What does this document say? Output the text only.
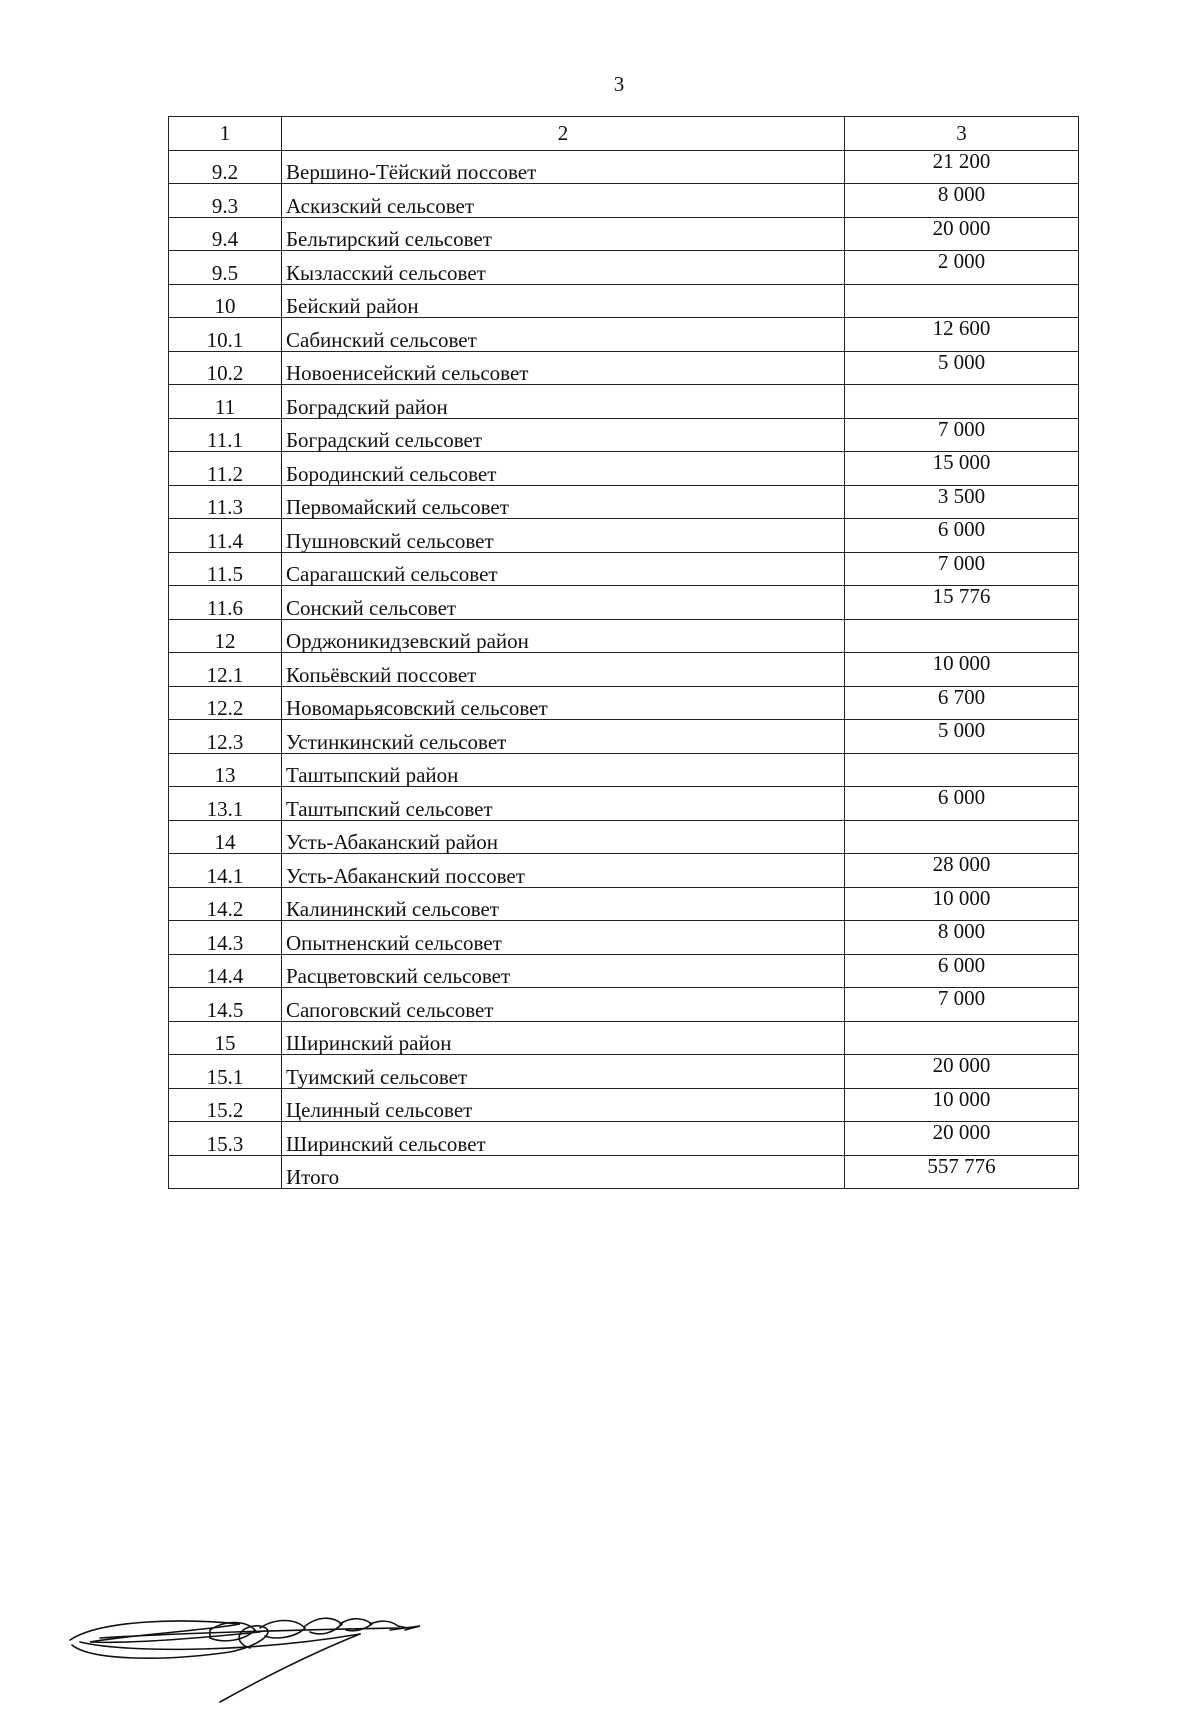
3
1	2	3
9.2	Вершино-Тёйский поссовет	21 200
9.3	Аскизский сельсовет	8 000
9.4	Бельтирский сельсовет	20 000
9.5	Кызласский сельсовет	2 000
10	Бейский район	
10.1	Сабинский сельсовет	12 600
10.2	Новоенисейский сельсовет	5 000
11	Боградский район	
11.1	Боградский сельсовет	7 000
11.2	Бородинский сельсовет	15 000
11.3	Первомайский сельсовет	3 500
11.4	Пушновский сельсовет	6 000
11.5	Сарагашский сельсовет	7 000
11.6	Сонский сельсовет	15 776
12	Орджоникидзевский район	
12.1	Копьёвский поссовет	10 000
12.2	Новомарьясовский сельсовет	6 700
12.3	Устинкинский сельсовет	5 000
13	Таштыпский район	
13.1	Таштыпский сельсовет	6 000
14	Усть-Абаканский район	
14.1	Усть-Абаканский поссовет	28 000
14.2	Калининский сельсовет	10 000
14.3	Опытненский сельсовет	8 000
14.4	Расцветовский сельсовет	6 000
14.5	Сапоговский сельсовет	7 000
15	Ширинский район	
15.1	Туимский сельсовет	20 000
15.2	Целинный сельсовет	10 000
15.3	Ширинский сельсовет	20 000
	Итого	557 776
